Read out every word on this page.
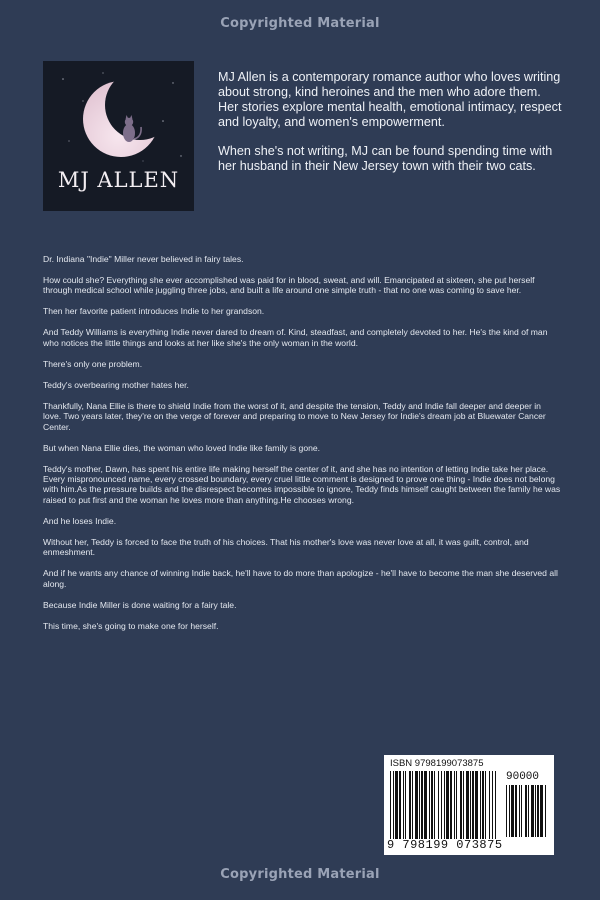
Copyrighted Material
MJ ALLEN

MJ Allen is a contemporary romance author who loves writing about strong, kind heroines and the men who adore them. Her stories explore mental health, emotional intimacy, respect and loyalty, and women's empowerment.

When she's not writing, MJ can be found spending time with her husband in their New Jersey town with their two cats.

Dr. Indiana "Indie" Miller never believed in fairy tales.

How could she? Everything she ever accomplished was paid for in blood, sweat, and will. Emancipated at sixteen, she put herself through medical school while juggling three jobs, and built a life around one simple truth - that no one was coming to save her.

Then her favorite patient introduces Indie to her grandson.

And Teddy Williams is everything Indie never dared to dream of. Kind, steadfast, and completely devoted to her. He's the kind of man who notices the little things and looks at her like she's the only woman in the world.

There's only one problem.

Teddy's overbearing mother hates her.

Thankfully, Nana Ellie is there to shield Indie from the worst of it, and despite the tension, Teddy and Indie fall deeper and deeper in love. Two years later, they're on the verge of forever and preparing to move to New Jersey for Indie's dream job at Bluewater Cancer Center.

But when Nana Ellie dies, the woman who loved Indie like family is gone.

Teddy's mother, Dawn, has spent his entire life making herself the center of it, and she has no intention of letting Indie take her place. Every mispronounced name, every crossed boundary, every cruel little comment is designed to prove one thing - Indie does not belong with him.As the pressure builds and the disrespect becomes impossible to ignore, Teddy finds himself caught between the family he was raised to put first and the woman he loves more than anything.He chooses wrong.

And he loses Indie.

Without her, Teddy is forced to face the truth of his choices. That his mother's love was never love at all, it was guilt, control, and enmeshment.

And if he wants any chance of winning Indie back, he'll have to do more than apologize - he'll have to become the man she deserved all along.

Because Indie Miller is done waiting for a fairy tale.

This time, she's going to make one for herself.

ISBN 9798199073875
90000
9 798199 073875
Copyrighted Material
